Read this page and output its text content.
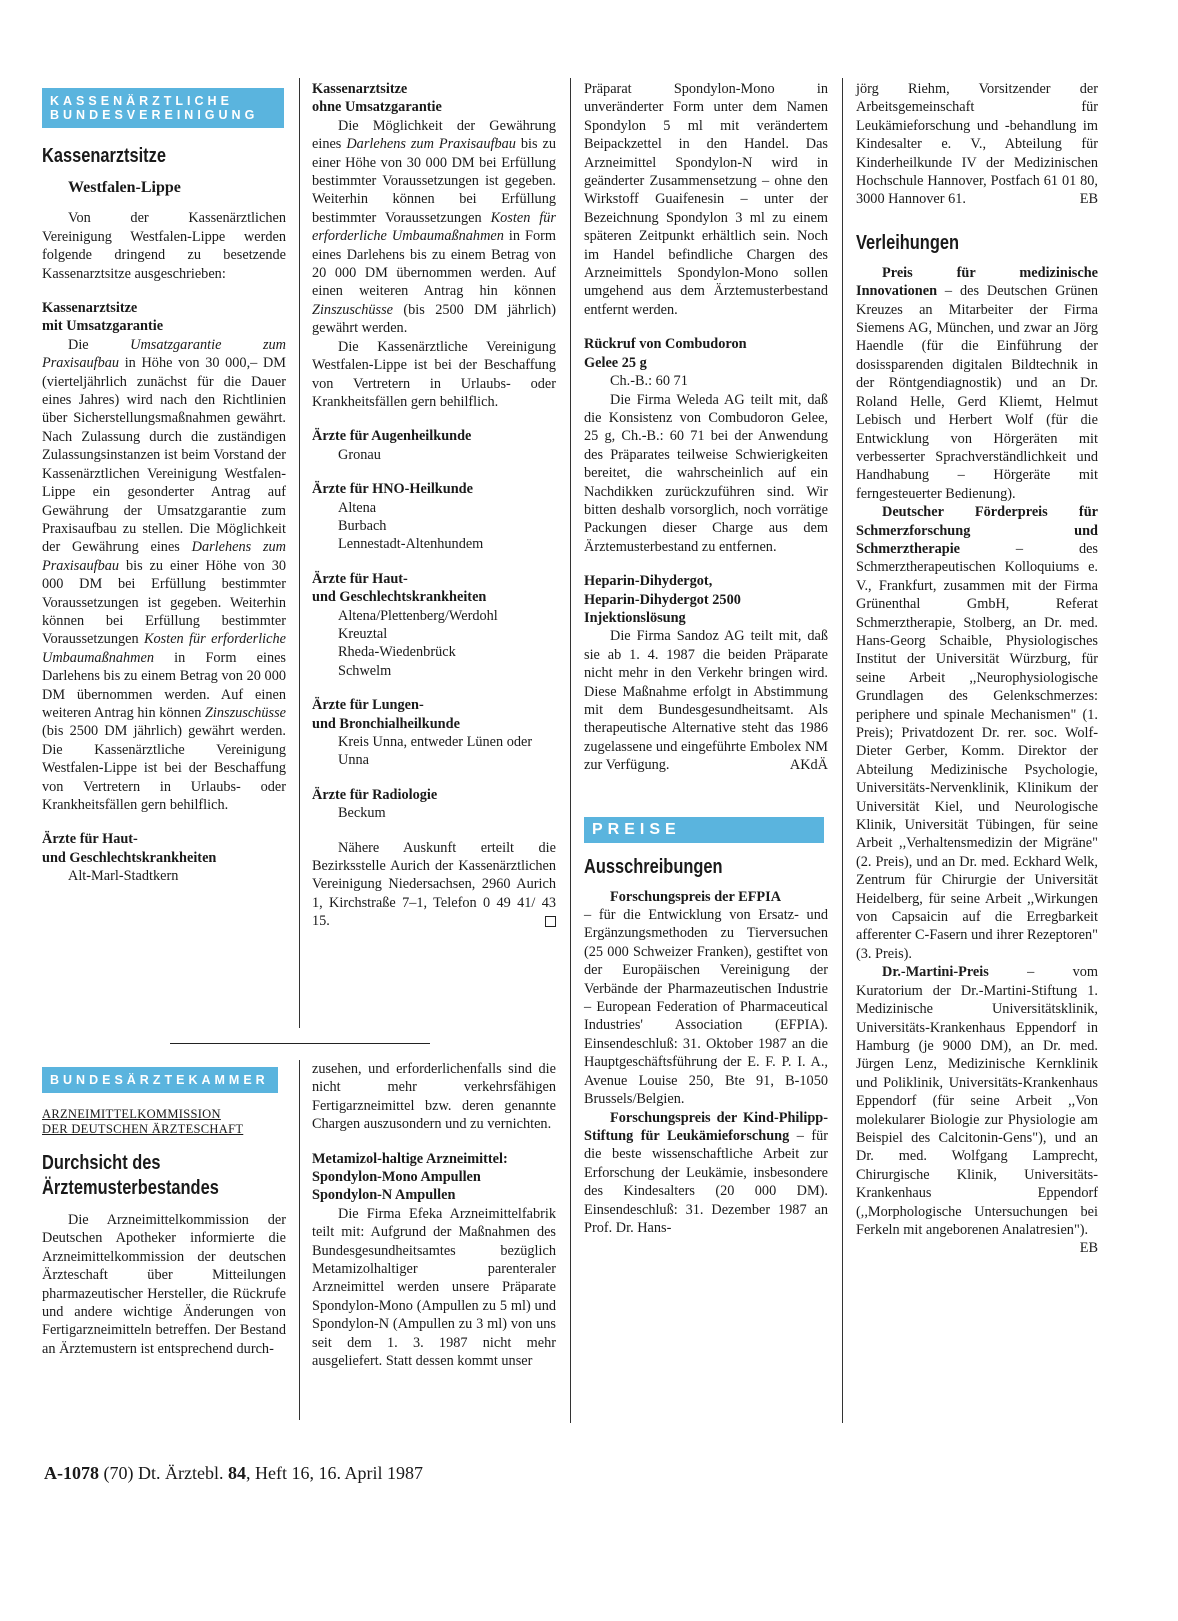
KASSENÄRZTLICHE
BUNDESVEREINIGUNG
Kassenarztsitze
Westfalen-Lippe
Von der Kassenärztlichen Vereinigung Westfalen-Lippe werden folgende dringend zu besetzende Kassenarztsitze ausgeschrieben:
Kassenarztsitze
mit Umsatzgarantie
Die Umsatzgarantie zum Praxisaufbau in Höhe von 30 000,– DM (vierteljährlich zunächst für die Dauer eines Jahres) wird nach den Richtlinien über Sicherstellungsmaßnahmen gewährt. Nach Zulassung durch die zuständigen Zulassungsinstanzen ist beim Vorstand der Kassenärztlichen Vereinigung Westfalen-Lippe ein gesonderter Antrag auf Gewährung der Umsatzgarantie zum Praxisaufbau zu stellen. Die Möglichkeit der Gewährung eines Darlehens zum Praxisaufbau bis zu einer Höhe von 30 000 DM bei Erfüllung bestimmter Voraussetzungen ist gegeben. Weiterhin können bei Erfüllung bestimmter Voraussetzungen Kosten für erforderliche Umbaumaßnahmen in Form eines Darlehens bis zu einem Betrag von 20 000 DM übernommen werden. Auf einen weiteren Antrag hin können Zinszuschüsse (bis 2500 DM jährlich) gewährt werden. Die Kassenärztliche Vereinigung Westfalen-Lippe ist bei der Beschaffung von Vertretern in Urlaubs- oder Krankheitsfällen gern behilflich.
Ärzte für Haut-
und Geschlechtskrankheiten
Alt-Marl-Stadtkern
BUNDESÄRZTEKAMMER
ARZNEIMITTELKOMMISSION
DER DEUTSCHEN ÄRZTESCHAFT
Durchsicht des
Ärztemusterbestandes
Die Arzneimittelkommission der Deutschen Apotheker informierte die Arzneimittelkommission der deutschen Ärzteschaft über Mitteilungen pharmazeutischer Hersteller, die Rückrufe und andere wichtige Änderungen von Fertigarzneimitteln betreffen. Der Bestand an Ärztemustern ist entsprechend durch-
Kassenarztsitze
ohne Umsatzgarantie
Die Möglichkeit der Gewährung eines Darlehens zum Praxisaufbau bis zu einer Höhe von 30 000 DM bei Erfüllung bestimmter Voraussetzungen ist gegeben. Weiterhin können bei Erfüllung bestimmter Voraussetzungen Kosten für erforderliche Umbaumaßnahmen in Form eines Darlehens bis zu einem Betrag von 20 000 DM übernommen werden. Auf einen weiteren Antrag hin können Zinszuschüsse (bis 2500 DM jährlich) gewährt werden.
Die Kassenärztliche Vereinigung Westfalen-Lippe ist bei der Beschaffung von Vertretern in Urlaubs- oder Krankheitsfällen gern behilflich.
Ärzte für Augenheilkunde
Gronau
Ärzte für HNO-Heilkunde
Altena
Burbach
Lennestadt-Altenhundem
Ärzte für Haut-
und Geschlechtskrankheiten
Altena/Plettenberg/Werdohl
Kreuztal
Rheda-Wiedenbrück
Schwelm
Ärzte für Lungen-
und Bronchialheilkunde
Kreis Unna, entweder Lünen oder Unna
Ärzte für Radiologie
Beckum
Nähere Auskunft erteilt die Bezirksstelle Aurich der Kassenärztlichen Vereinigung Niedersachsen, 2960 Aurich 1, Kirchstraße 7–1, Telefon 0 49 41/ 43 15.
zusehen, und erforderlichenfalls sind die nicht mehr verkehrsfähigen Fertigarzneimittel bzw. deren genannte Chargen auszusondern und zu vernichten.
Metamizol-haltige Arzneimittel:
Spondylon-Mono Ampullen
Spondylon-N Ampullen
Die Firma Efeka Arzneimittelfabrik teilt mit: Aufgrund der Maßnahmen des Bundesgesundheitsamtes bezüglich Metamizolhaltiger parenteraler Arzneimittel werden unsere Präparate Spondylon-Mono (Ampullen zu 5 ml) und Spondylon-N (Ampullen zu 3 ml) von uns seit dem 1. 3. 1987 nicht mehr ausgeliefert. Statt dessen kommt unser
Präparat Spondylon-Mono in unveränderter Form unter dem Namen Spondylon 5 ml mit verändertem Beipackzettel in den Handel. Das Arzneimittel Spondylon-N wird in geänderter Zusammensetzung – ohne den Wirkstoff Guaifenesin – unter der Bezeichnung Spondylon 3 ml zu einem späteren Zeitpunkt erhältlich sein. Noch im Handel befindliche Chargen des Arzneimittels Spondylon-Mono sollen umgehend aus dem Ärztemusterbestand entfernt werden.
Rückruf von Combudoron
Gelee 25 g
Ch.-B.: 60 71
Die Firma Weleda AG teilt mit, daß die Konsistenz von Combudoron Gelee, 25 g, Ch.-B.: 60 71 bei der Anwendung des Präparates teilweise Schwierigkeiten bereitet, die wahrscheinlich auf ein Nachdikken zurückzuführen sind. Wir bitten deshalb vorsorglich, noch vorrätige Packungen dieser Charge aus dem Ärztemusterbestand zu entfernen.
Heparin-Dihydergot,
Heparin-Dihydergot 2500
Injektionslösung
Die Firma Sandoz AG teilt mit, daß sie ab 1. 4. 1987 die beiden Präparate nicht mehr in den Verkehr bringen wird. Diese Maßnahme erfolgt in Abstimmung mit dem Bundesgesundheitsamt. Als therapeutische Alternative steht das 1986 zugelassene und eingeführte Embolex NM zur Verfügung.	AKdÄ
PREISE
Ausschreibungen
Forschungspreis der EFPIA
– für die Entwicklung von Ersatz- und Ergänzungsmethoden zu Tierversuchen (25 000 Schweizer Franken), gestiftet von der Europäischen Vereinigung der Verbände der Pharmazeutischen Industrie – European Federation of Pharmaceutical Industries' Association (EFPIA). Einsendeschluß: 31. Oktober 1987 an die Hauptgeschäftsführung der E. F. P. I. A., Avenue Louise 250, Bte 91, B-1050 Brussels/Belgien.
Forschungspreis der Kind-Philipp-Stiftung für Leukämieforschung – für die beste wissenschaftliche Arbeit zur Erforschung der Leukämie, insbesondere des Kindesalters (20 000 DM). Einsendeschluß: 31. Dezember 1987 an Prof. Dr. Hans-
jörg Riehm, Vorsitzender der Arbeitsgemeinschaft für Leukämieforschung und -behandlung im Kindesalter e. V., Abteilung für Kinderheilkunde IV der Medizinischen Hochschule Hannover, Postfach 61 01 80, 3000 Hannover 61.	EB
Verleihungen
Preis für medizinische Innovationen – des Deutschen Grünen Kreuzes an Mitarbeiter der Firma Siemens AG, München, und zwar an Jörg Haendle (für die Einführung der dosissparenden digitalen Bildtechnik in der Röntgendiagnostik) und an Dr. Roland Helle, Gerd Kliemt, Helmut Lebisch und Herbert Wolf (für die Entwicklung von Hörgeräten mit verbesserter Sprachverständlichkeit und Handhabung – Hörgeräte mit ferngesteuerter Bedienung).
Deutscher Förderpreis für Schmerzforschung und Schmerztherapie – des Schmerztherapeutischen Kolloquiums e. V., Frankfurt, zusammen mit der Firma Grünenthal GmbH, Referat Schmerztherapie, Stolberg, an Dr. med. Hans-Georg Schaible, Physiologisches Institut der Universität Würzburg, für seine Arbeit ,,Neurophysiologische Grundlagen des Gelenkschmerzes: periphere und spinale Mechanismen" (1. Preis); Privatdozent Dr. rer. soc. Wolf-Dieter Gerber, Komm. Direktor der Abteilung Medizinische Psychologie, Universitäts-Nervenklinik, Klinikum der Universität Kiel, und Neurologische Klinik, Universität Tübingen, für seine Arbeit ,,Verhaltensmedizin der Migräne" (2. Preis), und an Dr. med. Eckhard Welk, Zentrum für Chirurgie der Universität Heidelberg, für seine Arbeit ,,Wirkungen von Capsaicin auf die Erregbarkeit afferenter C-Fasern und ihrer Rezeptoren" (3. Preis).
Dr.-Martini-Preis – vom Kuratorium der Dr.-Martini-Stiftung 1. Medizinische Universitätsklinik, Universitäts-Krankenhaus Eppendorf in Hamburg (je 9000 DM), an Dr. med. Jürgen Lenz, Medizinische Kernklinik und Poliklinik, Universitäts-Krankenhaus Eppendorf (für seine Arbeit ,,Von molekularer Biologie zur Physiologie am Beispiel des Calcitonin-Gens"), und an Dr. med. Wolfgang Lamprecht, Chirurgische Klinik, Universitäts-Krankenhaus Eppendorf (,,Morphologische Untersuchungen bei Ferkeln mit angeborenen Analatresien").
EB
A-1078 (70) Dt. Ärztebl. 84, Heft 16, 16. April 1987
